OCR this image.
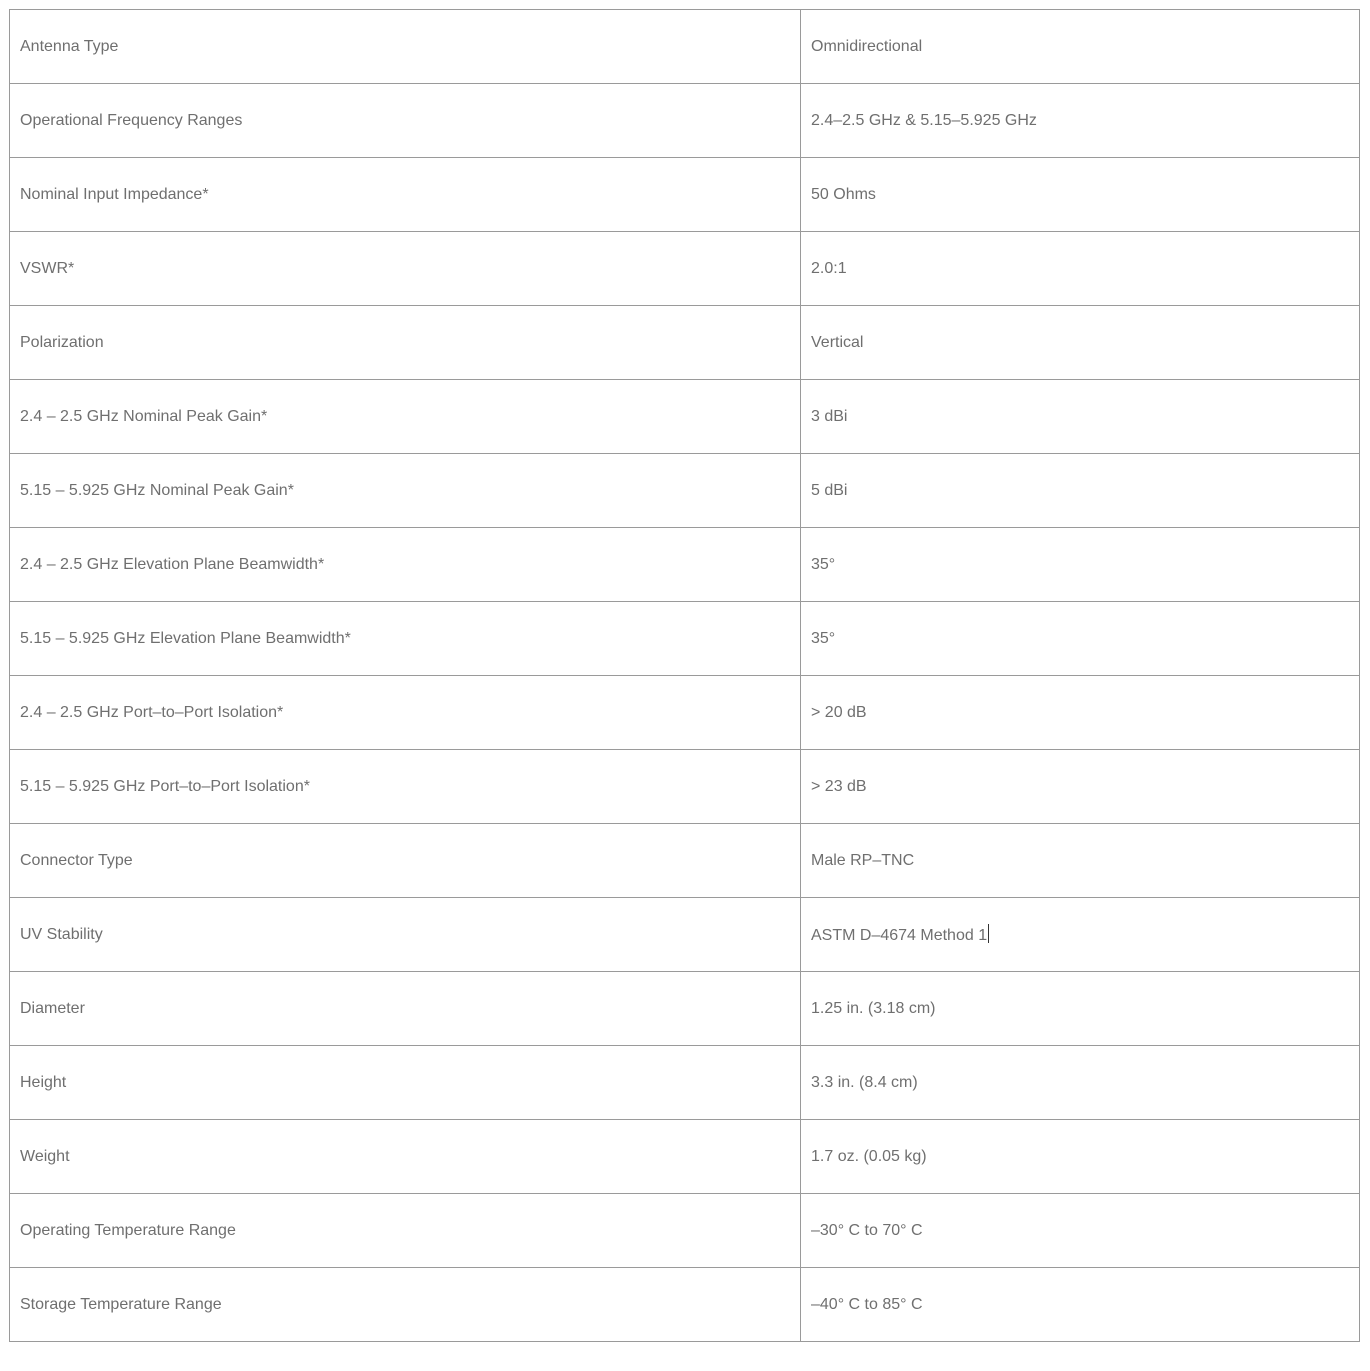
Antenna Type	Omnidirectional
Operational Frequency Ranges	2.4–2.5 GHz & 5.15–5.925 GHz
Nominal Input Impedance*	50 Ohms
VSWR*	2.0:1
Polarization	Vertical
2.4 – 2.5 GHz Nominal Peak Gain*	3 dBi
5.15 – 5.925 GHz Nominal Peak Gain*	5 dBi
2.4 – 2.5 GHz Elevation Plane Beamwidth*	35°
5.15 – 5.925 GHz Elevation Plane Beamwidth*	35°
2.4 – 2.5 GHz Port–to–Port Isolation*	> 20 dB
5.15 – 5.925 GHz Port–to–Port Isolation*	> 23 dB
Connector Type	Male RP–TNC
UV Stability	ASTM D–4674 Method 1
Diameter	1.25 in. (3.18 cm)
Height	3.3 in. (8.4 cm)
Weight	1.7 oz. (0.05 kg)
Operating Temperature Range	–30° C to 70° C
Storage Temperature Range	–40° C to 85° C
